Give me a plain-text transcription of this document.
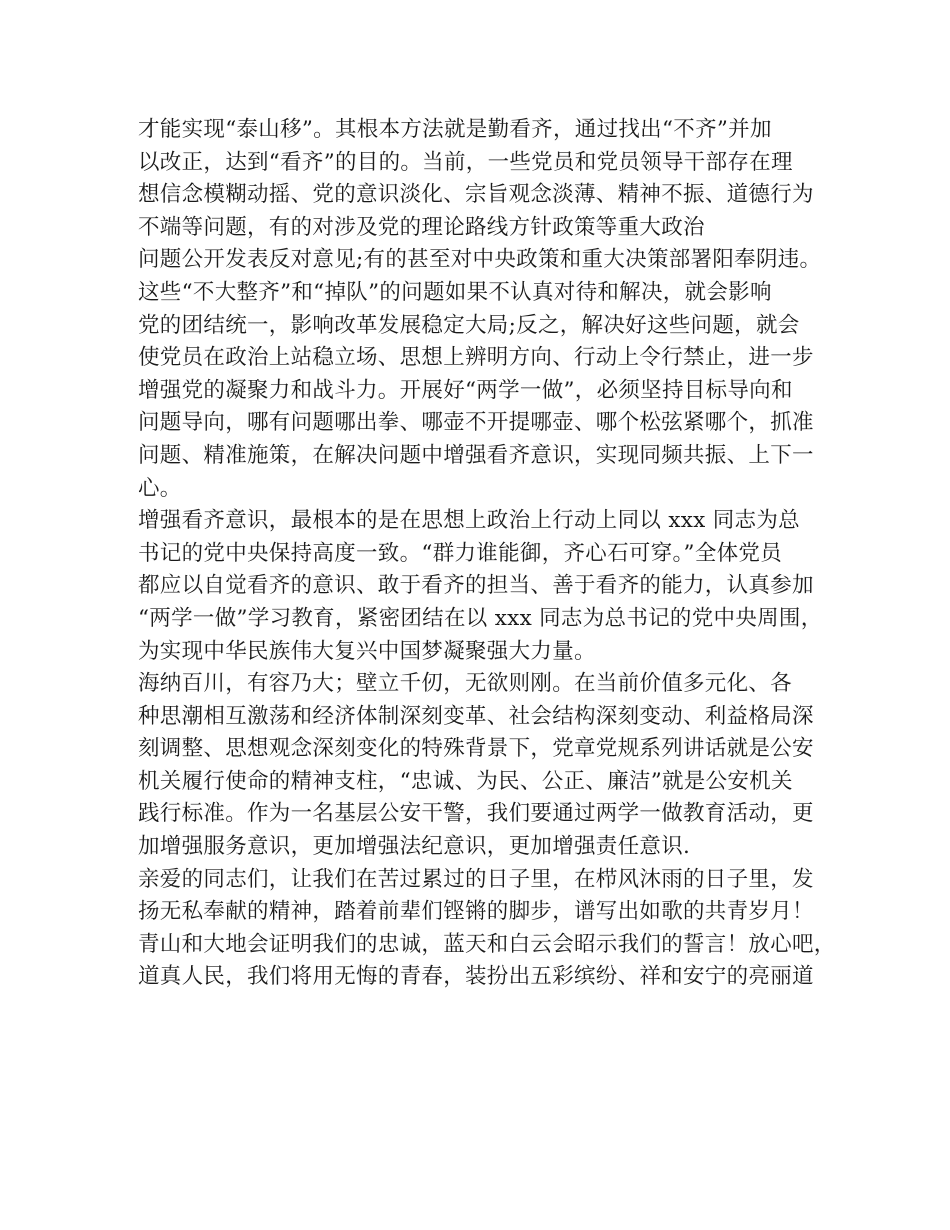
才能实现“泰山移”。其根本方法就是勤看齐，通过找出“不齐”并加
以改正，达到“看齐”的目的。当前，一些党员和党员领导干部存在理
想信念模糊动摇、党的意识淡化、宗旨观念淡薄、精神不振、道德行为
不端等问题，有的对涉及党的理论路线方针政策等重大政治
问题公开发表反对意见;有的甚至对中央政策和重大决策部署阳奉阴违。
这些“不大整齐”和“掉队”的问题如果不认真对待和解决，就会影响
党的团结统一，影响改革发展稳定大局;反之，解决好这些问题，就会
使党员在政治上站稳立场、思想上辨明方向、行动上令行禁止，进一步
增强党的凝聚力和战斗力。开展好“两学一做”，必须坚持目标导向和
问题导向，哪有问题哪出拳、哪壶不开提哪壶、哪个松弦紧哪个，抓准
问题、精准施策，在解决问题中增强看齐意识，实现同频共振、上下一
心。
增强看齐意识，最根本的是在思想上政治上行动上同以 xxx 同志为总
书记的党中央保持高度一致。“群力谁能御，齐心石可穿。”全体党员
都应以自觉看齐的意识、敢于看齐的担当、善于看齐的能力，认真参加
“两学一做”学习教育，紧密团结在以 xxx 同志为总书记的党中央周围，
为实现中华民族伟大复兴中国梦凝聚强大力量。
海纳百川，有容乃大；壁立千仞，无欲则刚。在当前价值多元化、各
种思潮相互激荡和经济体制深刻变革、社会结构深刻变动、利益格局深
刻调整、思想观念深刻变化的特殊背景下，党章党规系列讲话就是公安
机关履行使命的精神支柱，“忠诚、为民、公正、廉洁”就是公安机关
践行标准。作为一名基层公安干警，我们要通过两学一做教育活动，更
加增强服务意识，更加增强法纪意识，更加增强责任意识.
亲爱的同志们，让我们在苦过累过的日子里，在栉风沐雨的日子里，发
扬无私奉献的精神，踏着前辈们铿锵的脚步，谱写出如歌的共青岁月！
青山和大地会证明我们的忠诚，蓝天和白云会昭示我们的誓言！放心吧，
道真人民，我们将用无悔的青春，装扮出五彩缤纷、祥和安宁的亮丽道
